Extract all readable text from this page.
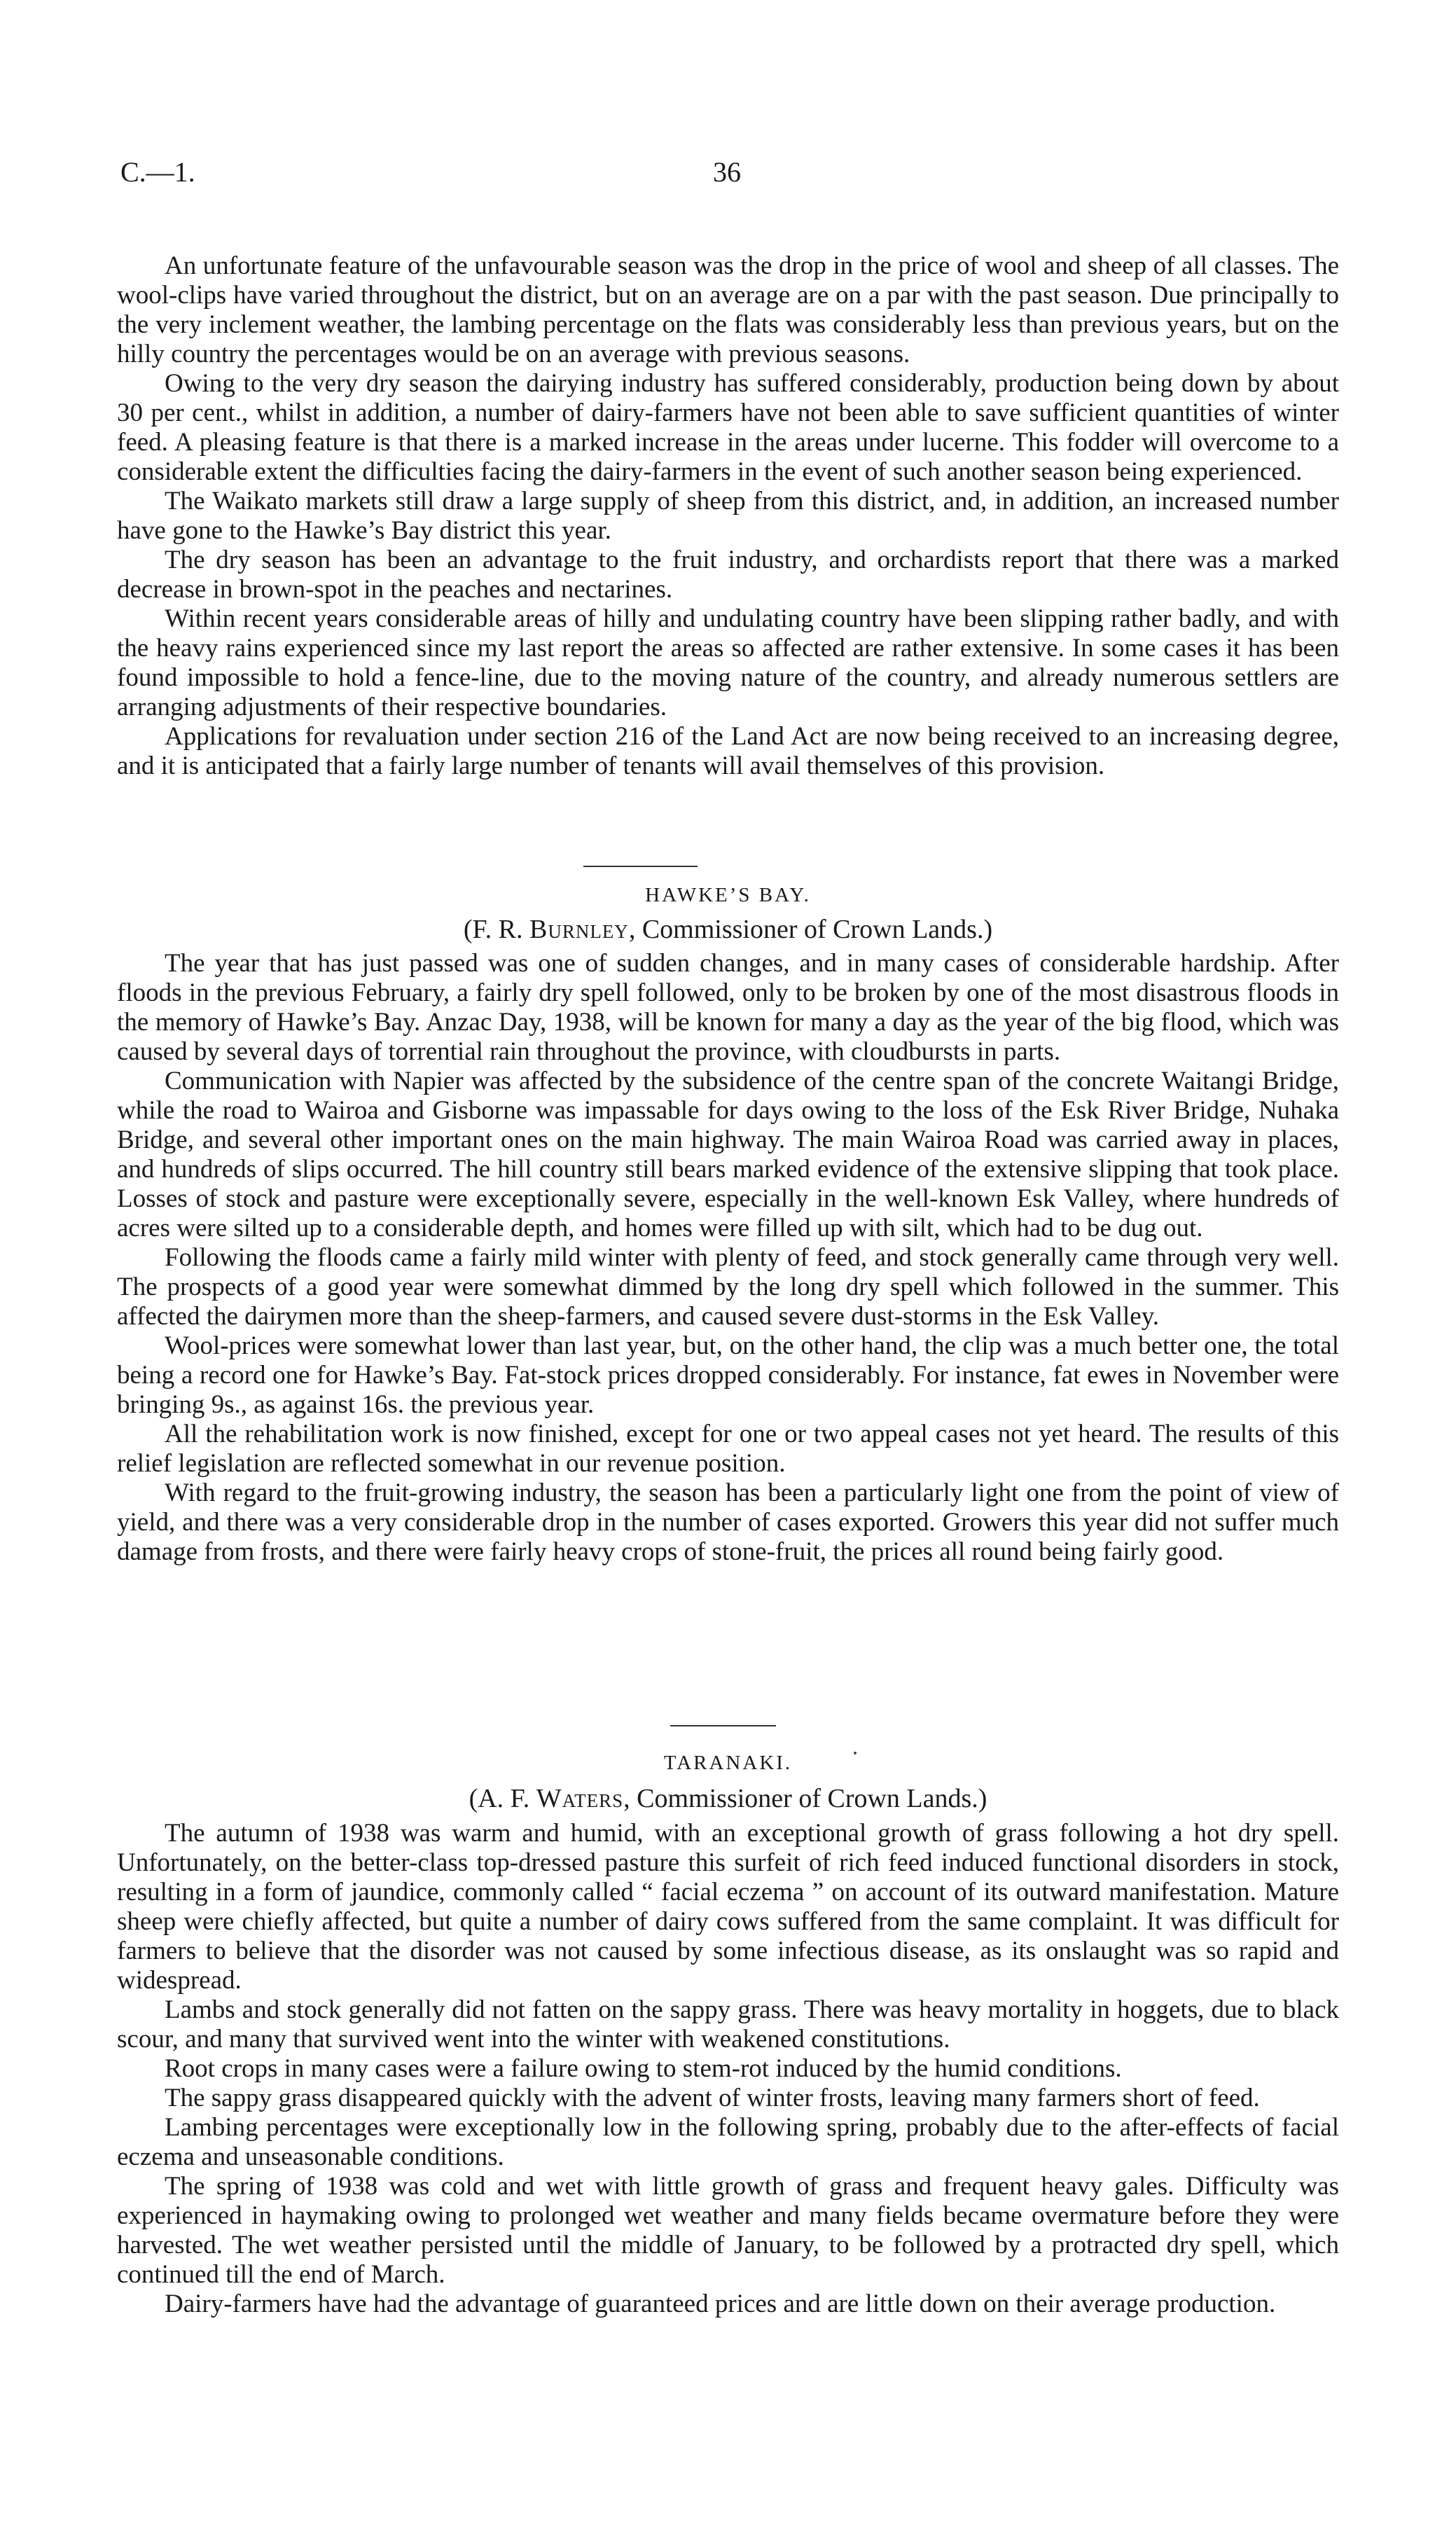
C.—1.	36

An unfortunate feature of the unfavourable season was the drop in the price of wool and sheep of all classes. The wool-clips have varied throughout the district, but on an average are on a par with the past season. Due principally to the very inclement weather, the lambing percentage on the flats was considerably less than previous years, but on the hilly country the percentages would be on an average with previous seasons.

Owing to the very dry season the dairying industry has suffered considerably, production being down by about 30 per cent., whilst in addition, a number of dairy-farmers have not been able to save sufficient quantities of winter feed. A pleasing feature is that there is a marked increase in the areas under lucerne. This fodder will overcome to a considerable extent the difficulties facing the dairy-farmers in the event of such another season being experienced.

The Waikato markets still draw a large supply of sheep from this district, and, in addition, an increased number have gone to the Hawke’s Bay district this year.

The dry season has been an advantage to the fruit industry, and orchardists report that there was a marked decrease in brown-spot in the peaches and nectarines.

Within recent years considerable areas of hilly and undulating country have been slipping rather badly, and with the heavy rains experienced since my last report the areas so affected are rather extensive. In some cases it has been found impossible to hold a fence-line, due to the moving nature of the country, and already numerous settlers are arranging adjustments of their respective boundaries.

Applications for revaluation under section 216 of the Land Act are now being received to an increasing degree, and it is anticipated that a fairly large number of tenants will avail themselves of this provision.

HAWKE’S BAY.
(F. R. Burnley, Commissioner of Crown Lands.)

The year that has just passed was one of sudden changes, and in many cases of considerable hardship. After floods in the previous February, a fairly dry spell followed, only to be broken by one of the most disastrous floods in the memory of Hawke’s Bay. Anzac Day, 1938, will be known for many a day as the year of the big flood, which was caused by several days of torrential rain throughout the province, with cloudbursts in parts.

Communication with Napier was affected by the subsidence of the centre span of the concrete Waitangi Bridge, while the road to Wairoa and Gisborne was impassable for days owing to the loss of the Esk River Bridge, Nuhaka Bridge, and several other important ones on the main highway. The main Wairoa Road was carried away in places, and hundreds of slips occurred. The hill country still bears marked evidence of the extensive slipping that took place. Losses of stock and pasture were exceptionally severe, especially in the well-known Esk Valley, where hundreds of acres were silted up to a considerable depth, and homes were filled up with silt, which had to be dug out.

Following the floods came a fairly mild winter with plenty of feed, and stock generally came through very well. The prospects of a good year were somewhat dimmed by the long dry spell which followed in the summer. This affected the dairymen more than the sheep-farmers, and caused severe dust-storms in the Esk Valley.

Wool-prices were somewhat lower than last year, but, on the other hand, the clip was a much better one, the total being a record one for Hawke’s Bay. Fat-stock prices dropped considerably. For instance, fat ewes in November were bringing 9s., as against 16s. the previous year.

All the rehabilitation work is now finished, except for one or two appeal cases not yet heard. The results of this relief legislation are reflected somewhat in our revenue position.

With regard to the fruit-growing industry, the season has been a particularly light one from the point of view of yield, and there was a very considerable drop in the number of cases exported. Growers this year did not suffer much damage from frosts, and there were fairly heavy crops of stone-fruit, the prices all round being fairly good.

TARANAKI.
(A. F. Waters, Commissioner of Crown Lands.)

The autumn of 1938 was warm and humid, with an exceptional growth of grass following a hot dry spell. Unfortunately, on the better-class top-dressed pasture this surfeit of rich feed induced functional disorders in stock, resulting in a form of jaundice, commonly called “ facial eczema ” on account of its outward manifestation. Mature sheep were chiefly affected, but quite a number of dairy cows suffered from the same complaint. It was difficult for farmers to believe that the disorder was not caused by some infectious disease, as its onslaught was so rapid and widespread.

Lambs and stock generally did not fatten on the sappy grass. There was heavy mortality in hoggets, due to black scour, and many that survived went into the winter with weakened constitutions.

Root crops in many cases were a failure owing to stem-rot induced by the humid conditions.

The sappy grass disappeared quickly with the advent of winter frosts, leaving many farmers short of feed.

Lambing percentages were exceptionally low in the following spring, probably due to the after-effects of facial eczema and unseasonable conditions.

The spring of 1938 was cold and wet with little growth of grass and frequent heavy gales. Difficulty was experienced in haymaking owing to prolonged wet weather and many fields became overmature before they were harvested. The wet weather persisted until the middle of January, to be followed by a protracted dry spell, which continued till the end of March.

Dairy-farmers have had the advantage of guaranteed prices and are little down on their average production.
